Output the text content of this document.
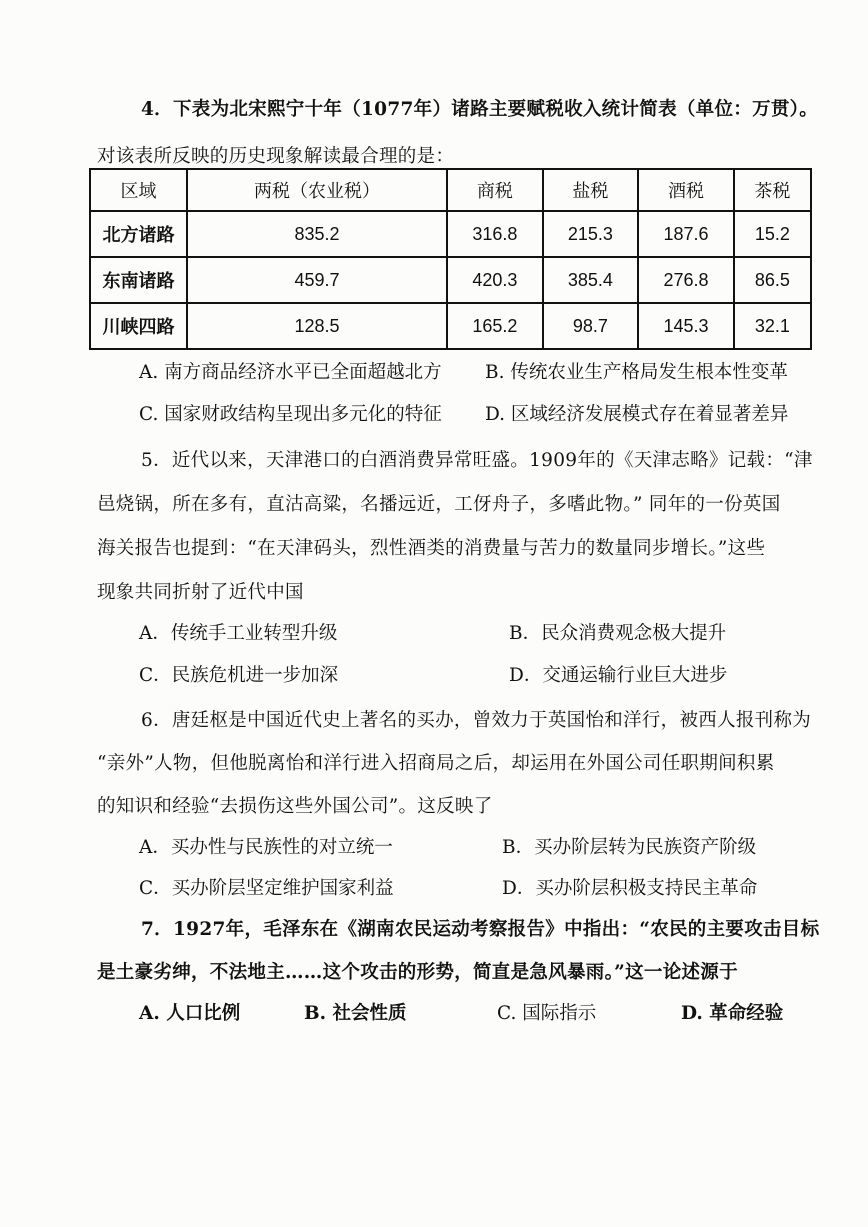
4．下表为北宋熙宁十年（1077年）诸路主要赋税收入统计简表（单位：万贯）。
对该表所反映的历史现象解读最合理的是：
区域	两税（农业税）	商税	盐税	酒税	茶税
北方诸路	835.2	316.8	215.3	187.6	15.2
东南诸路	459.7	420.3	385.4	276.8	86.5
川峡四路	128.5	165.2	98.7	145.3	32.1
A. 南方商品经济水平已全面超越北方 B. 传统农业生产格局发生根本性变革
C. 国家财政结构呈现出多元化的特征 D. 区域经济发展模式存在着显著差异
5．近代以来，天津港口的白酒消费异常旺盛。1909年的《天津志略》记载：“津
邑烧锅，所在多有，直沽高粱，名播远近，工伢舟子，多嗜此物。” 同年的一份英国
海关报告也提到：“在天津码头，烈性酒类的消费量与苦力的数量同步增长。”这些
现象共同折射了近代中国
A．传统手工业转型升级	B．民众消费观念极大提升
C．民族危机进一步加深	D．交通运输行业巨大进步
6．唐廷枢是中国近代史上著名的买办，曾效力于英国怡和洋行，被西人报刊称为
“亲外”人物，但他脱离怡和洋行进入招商局之后，却运用在外国公司任职期间积累
的知识和经验“去损伤这些外国公司”。这反映了
A．买办性与民族性的对立统一	B．买办阶层转为民族资产阶级
C．买办阶层坚定维护国家利益	D．买办阶层积极支持民主革命
7．1927年，毛泽东在《湖南农民运动考察报告》中指出：“农民的主要攻击目标
是土豪劣绅，不法地主……这个攻击的形势，简直是急风暴雨。”这一论述源于
A. 人口比例	B. 社会性质	C. 国际指示	D. 革命经验
